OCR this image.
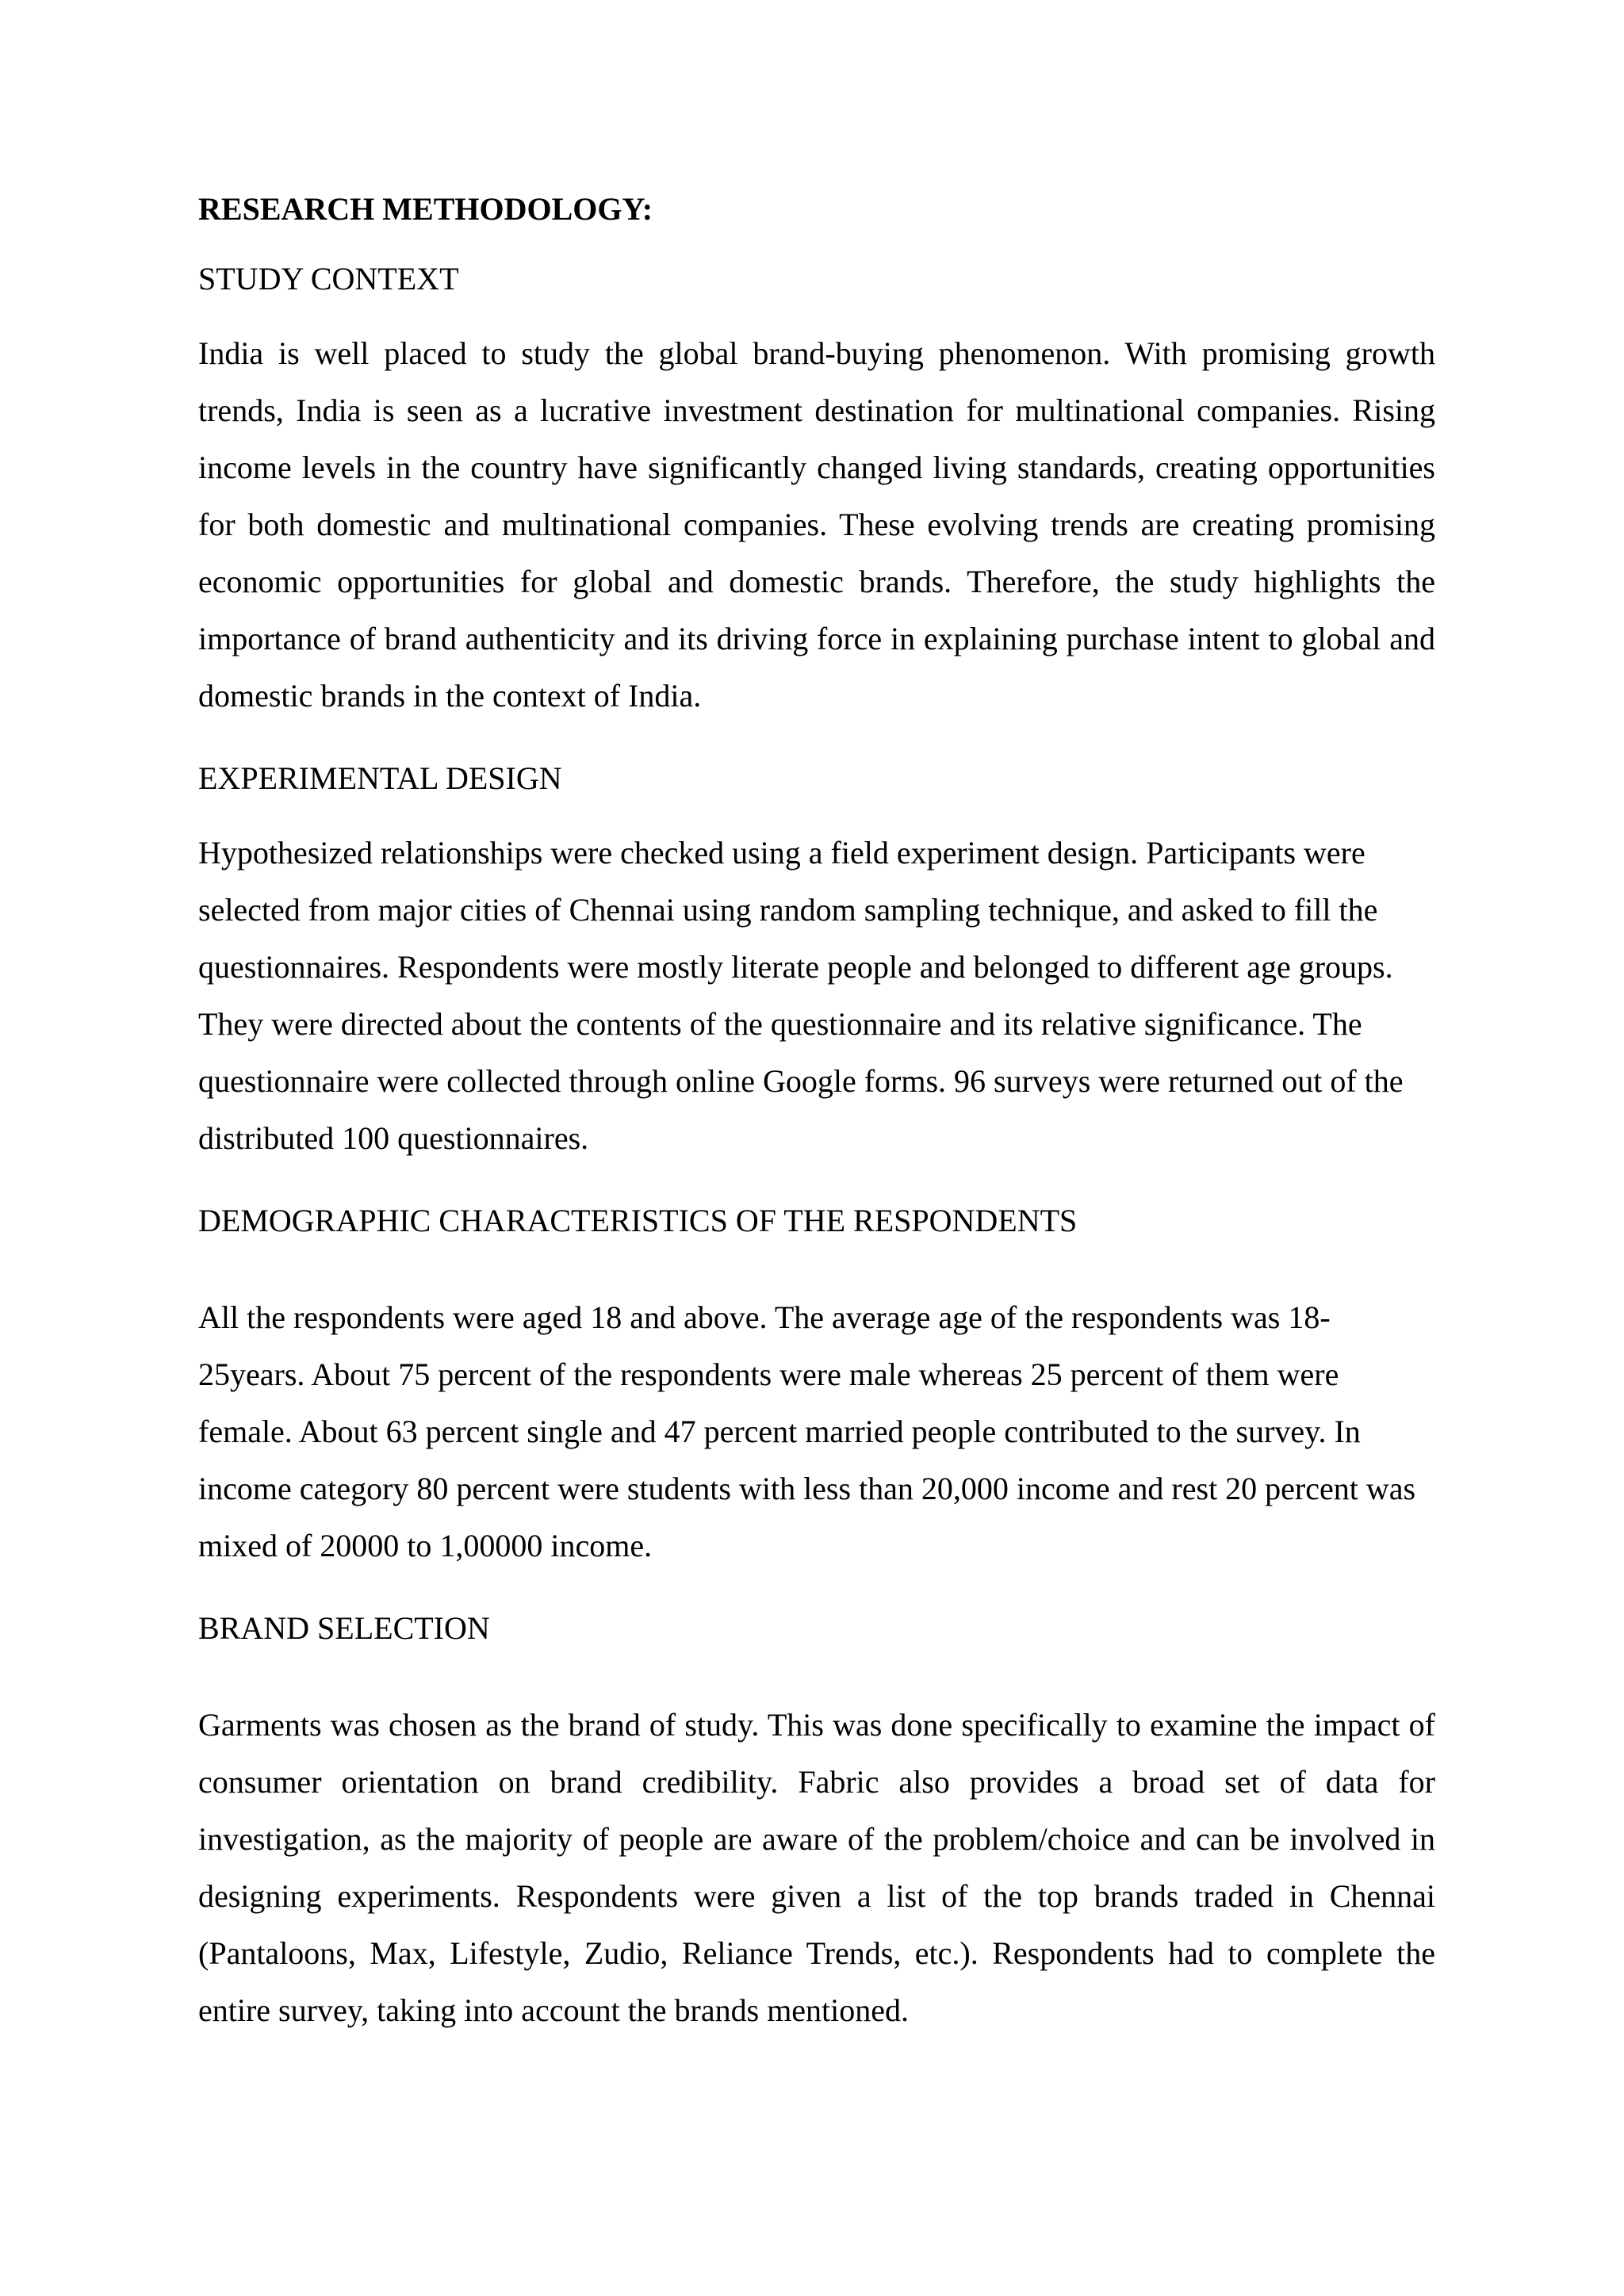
RESEARCH METHODOLOGY:
STUDY CONTEXT

India is well placed to study the global brand-buying phenomenon. With promising growth trends, India is seen as a lucrative investment destination for multinational companies. Rising income levels in the country have significantly changed living standards, creating opportunities for both domestic and multinational companies. These evolving trends are creating promising economic opportunities for global and domestic brands. Therefore, the study highlights the importance of brand authenticity and its driving force in explaining purchase intent to global and domestic brands in the context of India.

EXPERIMENTAL DESIGN

Hypothesized relationships were checked using a field experiment design. Participants were selected from major cities of Chennai using random sampling technique, and asked to fill the questionnaires. Respondents were mostly literate people and belonged to different age groups. They were directed about the contents of the questionnaire and its relative significance. The questionnaire were collected through online Google forms. 96 surveys were returned out of the distributed 100 questionnaires.

DEMOGRAPHIC CHARACTERISTICS OF THE RESPONDENTS

All the respondents were aged 18 and above. The average age of the respondents was 18-25years. About 75 percent of the respondents were male whereas 25 percent of them were female. About 63 percent single and 47 percent married people contributed to the survey. In income category 80 percent were students with less than 20,000 income and rest 20 percent was mixed of 20000 to 1,00000 income.

BRAND SELECTION

Garments was chosen as the brand of study. This was done specifically to examine the impact of consumer orientation on brand credibility. Fabric also provides a broad set of data for investigation, as the majority of people are aware of the problem/choice and can be involved in designing experiments. Respondents were given a list of the top brands traded in Chennai (Pantaloons, Max, Lifestyle, Zudio, Reliance Trends, etc.). Respondents had to complete the entire survey, taking into account the brands mentioned.
